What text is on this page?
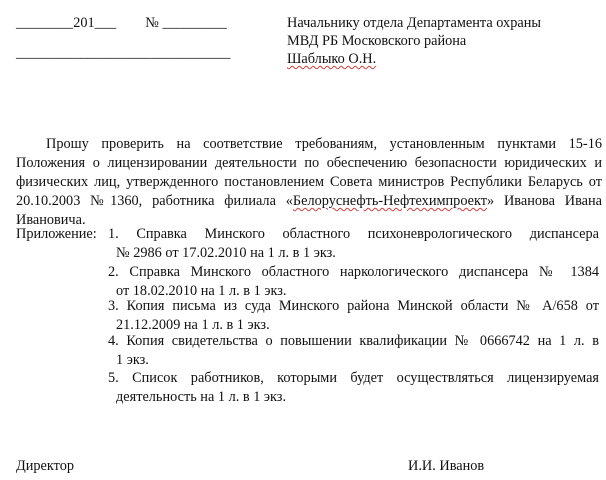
________201___ № _________
______________________________
Начальнику отдела Департамента охраны
МВД РБ Московского района
Шаблыко О.Н.
Прошу проверить на соответствие требованиям, установленным пунктами 15-16 Положения о лицензировании деятельности по обеспечению безопасности юридических и физических лиц, утвержденного постановлением Совета министров Республики Беларусь от 20.10.2003 №1360, работника филиала «Белоруснефть-Нефтехимпроект» Иванова Ивана Ивановича.
Приложение: 1. Справка Минского областного психоневрологического диспансера
№ 2986 от 17.02.2010 на 1 л. в 1 экз.
2. Справка Минского областного наркологического диспансера № 1384
от 18.02.2010 на 1 л. в 1 экз.
3. Копия письма из суда Минского района Минской области № А/658 от
21.12.2009 на 1 л. в 1 экз.
4. Копия свидетельства о повышении квалификации № 0666742 на 1 л. в
1 экз.
5. Список работников, которыми будет осуществляться лицензируемая
деятельность на 1 л. в 1 экз.
Директор	И.И. Иванов
